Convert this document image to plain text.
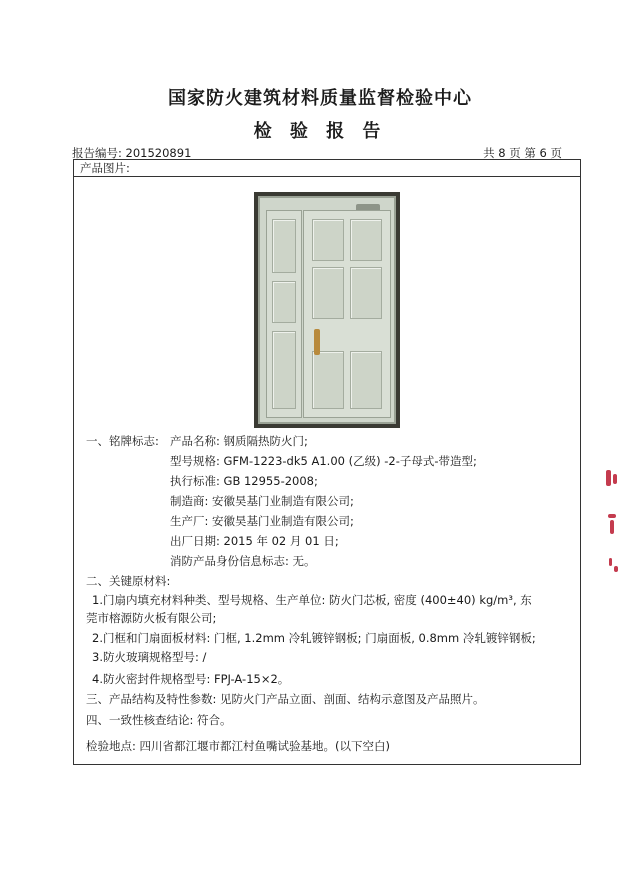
国家防火建筑材料质量监督检验中心
检 验 报 告
报告编号: 201520891	共 8 页 第 6 页
产品图片:
一、铭牌标志: 产品名称: 钢质隔热防火门;
型号规格: GFM-1223-dk5 A1.00 (乙级) -2-子母式-带造型;
执行标准: GB 12955-2008;
制造商: 安徽昊基门业制造有限公司;
生产厂: 安徽昊基门业制造有限公司;
出厂日期: 2015 年 02 月 01 日;
消防产品身份信息标志: 无。
二、关键原材料:
1.门扇内填充材料种类、型号规格、生产单位: 防火门芯板, 密度 (400±40) kg/m³, 东
莞市榕源防火板有限公司;
2.门框和门扇面板材料: 门框, 1.2mm 冷轧镀锌钢板; 门扇面板, 0.8mm 冷轧镀锌钢板;
3.防火玻璃规格型号: /
4.防火密封件规格型号: FPJ-A-15×2。
三、产品结构及特性参数: 见防火门产品立面、剖面、结构示意图及产品照片。
四、一致性核查结论: 符合。
检验地点: 四川省都江堰市都江村鱼嘴试验基地。(以下空白)
